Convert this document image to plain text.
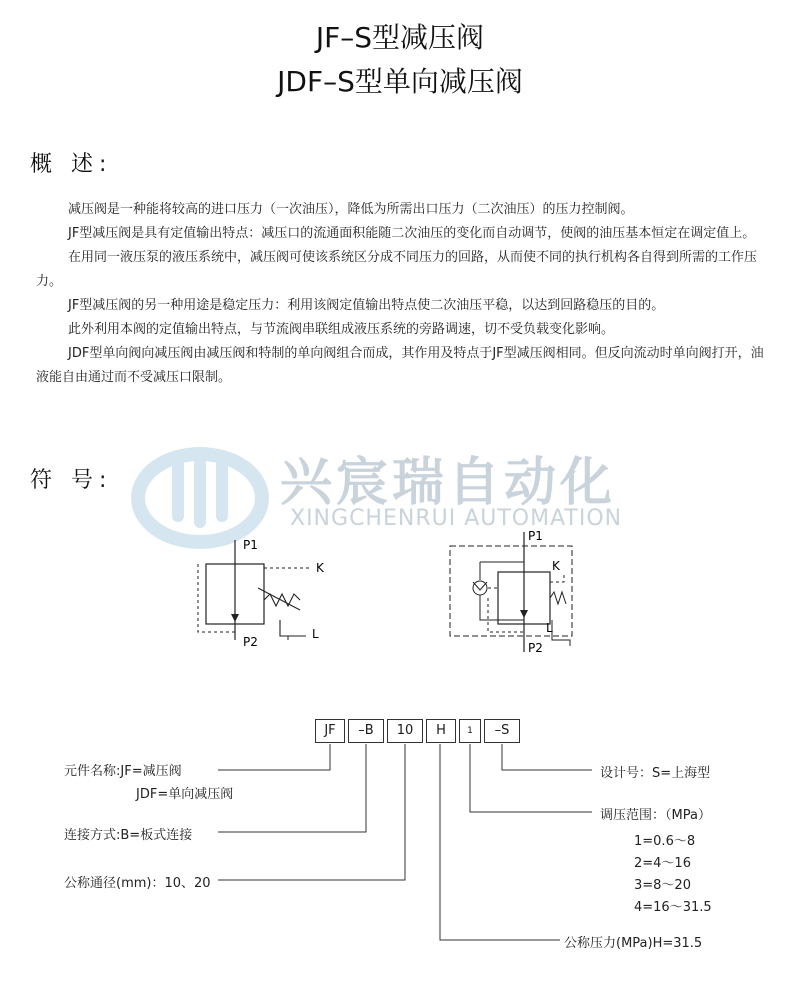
JF–S型减压阀
JDF–S型单向减压阀
概 述:

减压阀是一种能将较高的进口压力（一次油压），降低为所需出口压力（二次油压）的压力控制阀。

JF型减压阀是具有定值输出特点：减压口的流通面积能随二次油压的变化而自动调节，使阀的油压基本恒定在调定值上。

在用同一液压泵的液压系统中，减压阀可使该系统区分成不同压力的回路，从而使不同的执行机构各自得到所需的工作压力。

JF型减压阀的另一种用途是稳定压力：利用该阀定值输出特点使二次油压平稳，以达到回路稳压的目的。

此外利用本阀的定值输出特点，与节流阀串联组成液压系统的旁路调速，切不受负载变化影响。

JDF型单向阀向减压阀由减压阀和特制的单向阀组合而成，其作用及特点于JF型减压阀相同。但反向流动时单向阀打开，油液能自由通过而不受减压口限制。

兴宸瑞自动化
XINGCHENRUI AUTOMATION
符 号:
P1
P2
K
L
P1
P2
K
L
JF	–B	10	H	1	–S
元件名称:JF=减压阀
JDF=单向减压阀
连接方式:B=板式连接
公称通径(mm)：10、20
设计号：S=上海型
调压范围：（MPa）
1=0.6～8
2=4～16
3=8～20
4=16～31.5
公称压力(MPa)H=31.5
